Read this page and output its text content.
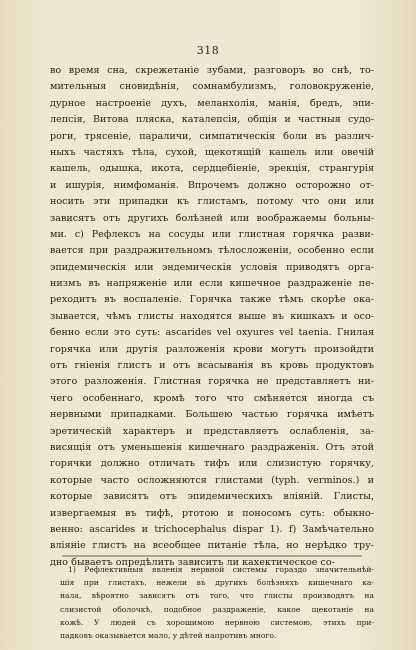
318
во время сна, скрежетаніе зубами, разговоръ во снѣ, то-
мительныя сновидѣнія, сомнамбулизмъ, головокруженіе,
дурное настроеніе духъ, меланхолія, манія, бредъ, эпи-
лепсія, Витова пляска, каталепсія, общія и частныя судо-
роги, трясеніе, параличи, симпатическія боли въ различ-
ныхъ частяхъ тѣла, сухой, щекотящій кашель или овечій
кашель, одышка, икота, сердцебіеніе, эрекція, странгурія
и ишурія, нимфоманія. Впрочемъ должно осторожно от-
носить эти припадки къ глистамъ, потому что они или
зависятъ отъ другихъ болѣзней или воображаемы больны-
ми. c) Рефлексъ на сосуды или глистная горячка разви-
вается при раздражительномъ тѣлосложеніи, особенно если
эпидемическія или эндемическія условія приводятъ орга-
низмъ въ напряженіе или если кишечное раздраженіе пе-
реходитъ въ воспаленіе. Горячка также тѣмъ скорѣе ока-
зывается, чѣмъ глисты находятся выше въ кишкахъ и осо-
бенно если это суть: ascarides vel oxyures vel taenia. Гнилая
горячка или другія разложенія крови могутъ произойдти
отъ гніенія глистъ и отъ всасыванія въ кровь продуктовъ
этого разложенія. Глистная горячка не представляетъ ни-
чего особеннаго, кромѣ того что смѣняется иногда съ
нервными припадками. Большею частью горячка имѣетъ
эретическій характеръ и представляетъ ослабленія, за-
висящія отъ уменьшенія кишечнаго раздраженія. Отъ этой
горячки должно отличать тифъ или слизистую горячку,
которые часто осложняются глистами (typh. verminos.) и
которые зависятъ отъ эпидемическихъ вліяній. Глисты,
извергаемыя въ тифѣ, ртотою и поносомъ суть: обыкно-
венно: ascarides и trichocephalus dispar 1). f) Замѣчательно
вліяніе глистъ на всеобщее питаніе тѣла, но нерѣдко тру-
дно бываетъ опредѣлить зависитъ ли кахектическое со-
1) Рефлективныя явленія нервной системы гораздо значительнѣй-
шія при глистахъ, нежели въ другихъ болѣзняхъ кишечнаго ка-
нала, вѣроятно зависятъ отъ того, что глисты производятъ на
слизистой оболочкѣ, подобное раздраженіе, какое щекотаніе на
кожѣ. У людей съ хорошимою нервною системою, этихъ при-
падковъ оказывается мало, у дѣтей напротивъ много.
